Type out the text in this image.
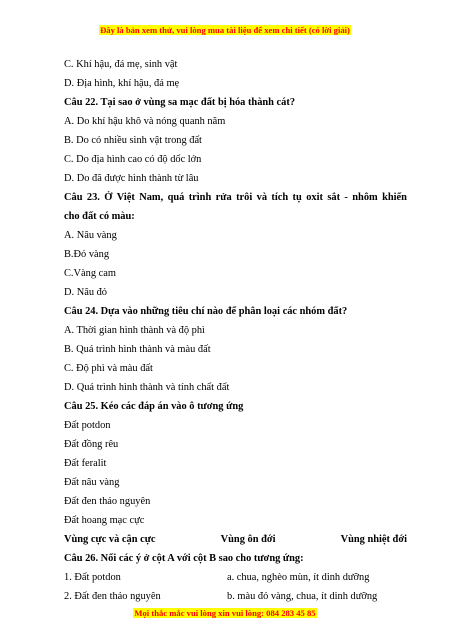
Đây là bản xem thử, vui lòng mua tài liệu để xem chi tiết (có lời giải)
C. Khí hậu, đá mẹ, sinh vật
D. Địa hình, khí hậu, đá mẹ
Câu 22. Tại sao ở vùng sa mạc đất bị hóa thành cát?
A. Do khí hậu khô và nóng quanh năm
B. Do có nhiều sinh vật trong đất
C. Do địa hình cao có độ dốc lớn
D. Do đã được hình thành từ lâu
Câu 23. Ở Việt Nam, quá trình rửa trôi và tích tụ oxit sắt - nhôm khiến
cho đất có màu:
A. Nâu vàng
B.Đỏ vàng
C.Vàng cam
D. Nâu đỏ
Câu 24. Dựa vào những tiêu chí nào để phân loại các nhóm đất?
A. Thời gian hình thành và độ phì
B. Quá trình hình thành và màu đất
C. Độ phì và màu đất
D. Quá trình hình thành và tính chất đất
Câu 25. Kéo các đáp án vào ô tương ứng
Đất potdon
Đất đồng rêu
Đất feralit
Đất nâu vàng
Đất đen thảo nguyên
Đất hoang mạc cực
Vùng cực và cận cực	Vùng ôn đới	Vùng nhiệt đới
Câu 26. Nối các ý ở cột A với cột B sao cho tương ứng:
1. Đất potdon	a. chua, nghèo mùn, ít dinh dưỡng
2. Đất đen thảo nguyên	b. màu đỏ vàng, chua, ít dinh dưỡng
Mọi thắc mắc vui lòng xin vui lòng: 084 283 45 85
